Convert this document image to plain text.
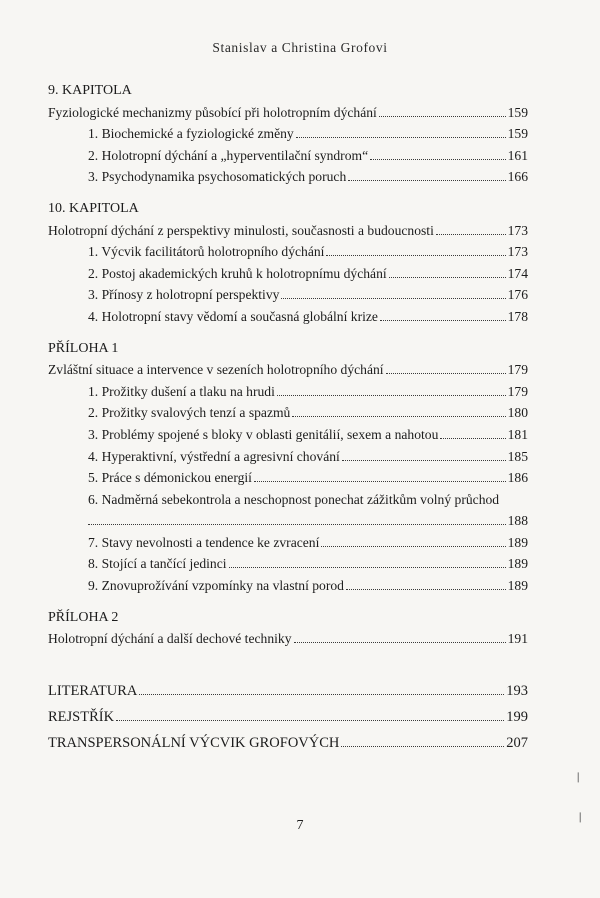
Stanislav a Christina Grofovi
9. KAPITOLA
Fyziologické mechanizmy působící při holotropním dýchání	159
1. Biochemické a fyziologické změny	159
2. Holotropní dýchání a „hyperventilační syndrom“	161
3. Psychodynamika psychosomatických poruch	166
10. KAPITOLA
Holotropní dýchání z perspektivy minulosti, současnosti a budoucnosti	173
1. Výcvik facilitátorů holotropního dýchání	173
2. Postoj akademických kruhů k holotropnímu dýchání	174
3. Přínosy z holotropní perspektivy	176
4. Holotropní stavy vědomí a současná globální krize	178
PŘÍLOHA 1
Zvláštní situace a intervence v sezeních holotropního dýchání	179
1. Prožitky dušení a tlaku na hrudi	179
2. Prožitky svalových tenzí a spazmů	180
3. Problémy spojené s bloky v oblasti genitálií, sexem a nahotou	181
4. Hyperaktivní, výstřední a agresivní chování	185
5. Práce s démonickou energií	186
6. Nadměrná sebekontrola a neschopnost ponechat zážitkům volný průchod
188
7. Stavy nevolnosti a tendence ke zvracení	189
8. Stojící a tančící jedinci	189
9. Znovuprožívání vzpomínky na vlastní porod	189
PŘÍLOHA 2
Holotropní dýchání a další dechové techniky	191
LITERATURA	193
REJSTŘÍK	199
TRANSPERSONÁLNÍ VÝCVIK GROFOVÝCH	207
7
❘
❘
